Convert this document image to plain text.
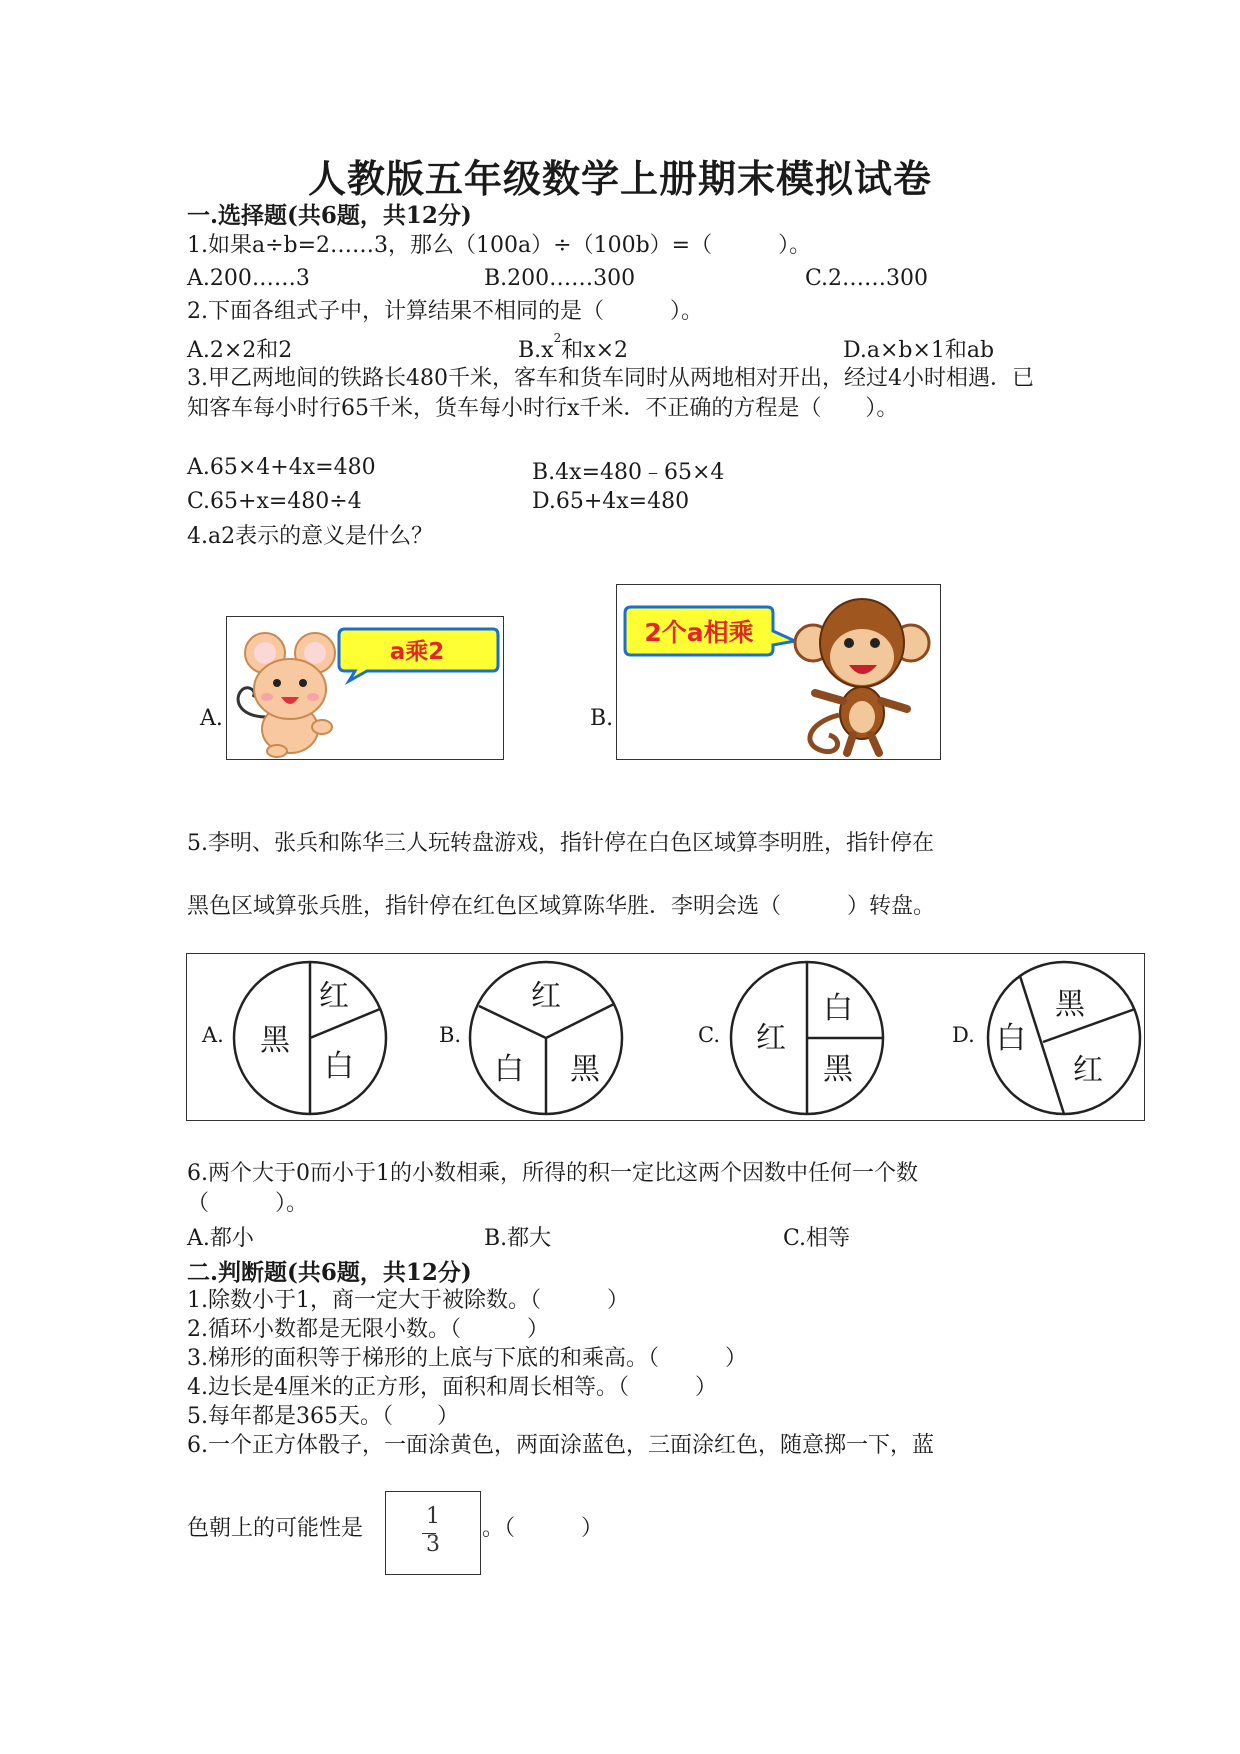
人教版五年级数学上册期末模拟试卷
一.选择题(共6题，共12分)
1.如果a÷b=2……3，那么（100a）÷（100b）=（　　　）。
A.200……3	B.200……300	C.2……300
2.下面各组式子中，计算结果不相同的是（　　　）。
A.2×2和2	$B.x^2$和x×2	D.a×b×1和ab
3.甲乙两地间的铁路长480千米，客车和货车同时从两地相对开出，经过4小时相遇．已知客车每小时行65千米，货车每小时行x千米．不正确的方程是（　　）。
A.65×4+4x=480	B.4x=480﹣65×4
C.65+x=480÷4	D.65+4x=480
4.a2表示的意义是什么？
A.
a乘2
B.
2个a相乘
5.李明、张兵和陈华三人玩转盘游戏，指针停在白色区域算李明胜，指针停在
黑色区域算张兵胜，指针停在红色区域算陈华胜．李明会选（　　　）转盘。
A. 黑
红
白
B.
红
白 黑
C. 红
白
黑
D. 白
黑
红
6.两个大于0而小于1的小数相乘，所得的积一定比这两个因数中任何一个数（　　　）。
A.都小	B.都大	C.相等
二.判断题(共6题，共12分)
1.除数小于1，商一定大于被除数。（　　　）
2.循环小数都是无限小数。（　　　）
3.梯形的面积等于梯形的上底与下底的和乘高。（　　　）
4.边长是4厘米的正方形，面积和周长相等。（　　　）
5.每年都是365天。（　　）
6.一个正方体骰子，一面涂黄色，两面涂蓝色，三面涂红色，随意掷一下，蓝
色朝上的可能性是	1
3
。（　　　）
